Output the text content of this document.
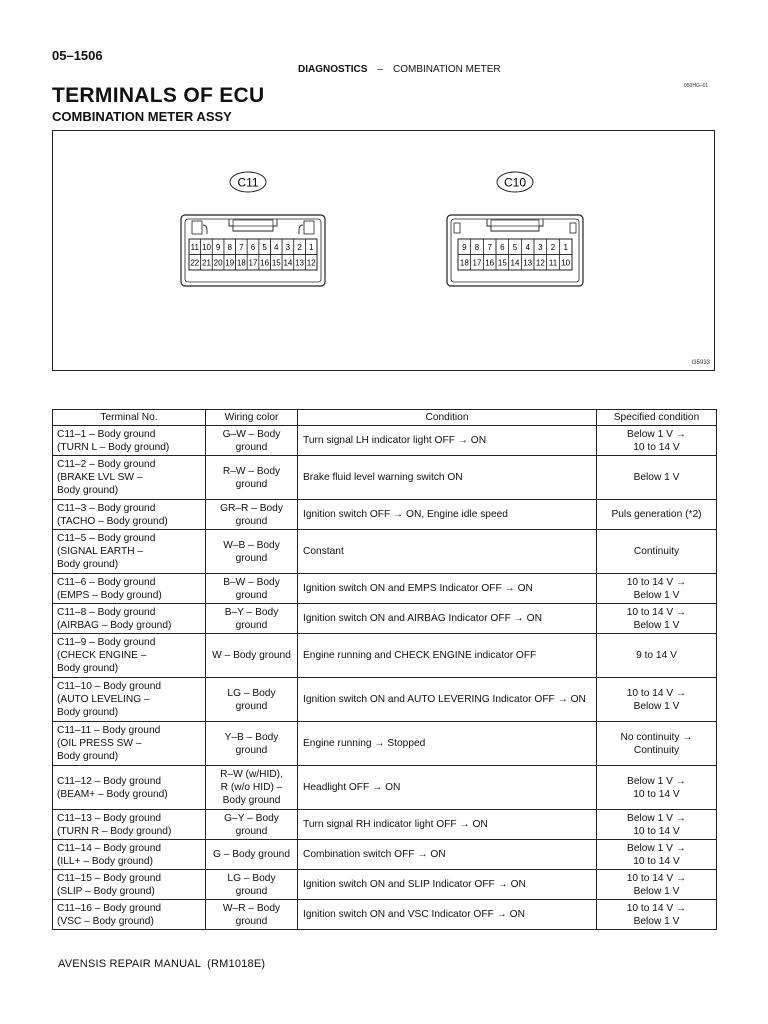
05–1506
DIAGNOSTICS – COMBINATION METER
050HG–01
TERMINALS OF ECU
COMBINATION METER ASSY
C11	C10
11 10 9 8 7 6 5 4 3 2 1
22 21 20 19 18 17 16 15 14 13 12
9 8 7 6 5 4 3 2 1
18 17 16 15 14 13 12 11 10
I35933
Terminal No.	Wiring color	Condition	Specified condition
C11–1 – Body ground
(TURN L – Body ground)	G–W – Body
ground	Turn signal LH indicator light OFF → ON	Below 1 V →
10 to 14 V
C11–2 – Body ground
(BRAKE LVL SW –
Body ground)	R–W – Body
ground	Brake fluid level warning switch ON	Below 1 V
C11–3 – Body ground
(TACHO – Body ground)	GR–R – Body
ground	Ignition switch OFF → ON, Engine idle speed	Puls generation (*2)
C11–5 – Body ground
(SIGNAL EARTH –
Body ground)	W–B – Body
ground	Constant	Continuity
C11–6 – Body ground
(EMPS – Body ground)	B–W – Body
ground	Ignition switch ON and EMPS Indicator OFF → ON	10 to 14 V →
Below 1 V
C11–8 – Body ground
(AIRBAG – Body ground)	B–Y – Body
ground	Ignition switch ON and AIRBAG Indicator OFF → ON	10 to 14 V →
Below 1 V
C11–9 – Body ground
(CHECK ENGINE –
Body ground)	W – Body ground	Engine running and CHECK ENGINE indicator OFF	9 to 14 V
C11–10 – Body ground
(AUTO LEVELING –
Body ground)	LG – Body
ground	Ignition switch ON and AUTO LEVERING Indicator OFF → ON	10 to 14 V →
Below 1 V
C11–11 – Body ground
(OIL PRESS SW –
Body ground)	Y–B – Body
ground	Engine running → Stopped	No continuity →
Continuity
C11–12 – Body ground
(BEAM+ – Body ground)	R–W (w/HID),
R (w/o HID) –
Body ground	Headlight OFF → ON	Below 1 V →
10 to 14 V
C11–13 – Body ground
(TURN R – Body ground)	G–Y – Body
ground	Turn signal RH indicator light OFF → ON	Below 1 V →
10 to 14 V
C11–14 – Body ground
(ILL+ – Body ground)	G – Body ground	Combination switch OFF → ON	Below 1 V →
10 to 14 V
C11–15 – Body ground
(SLIP – Body ground)	LG – Body
ground	Ignition switch ON and SLIP Indicator OFF → ON	10 to 14 V →
Below 1 V
C11–16 – Body ground
(VSC – Body ground)	W–R – Body
ground	Ignition switch ON and VSC Indicator OFF → ON	10 to 14 V →
Below 1 V
AVENSIS REPAIR MANUAL (RM1018E)
